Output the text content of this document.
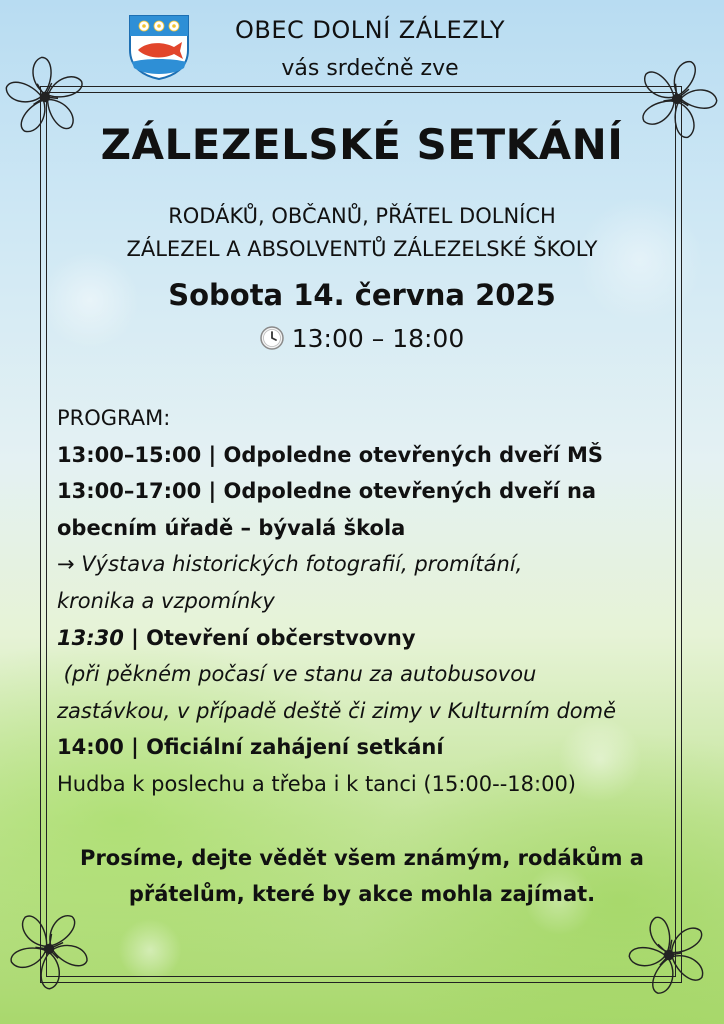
OBEC DOLNÍ ZÁLEZLY
vás srdečně zve
ZÁLEZELSKÉ SETKÁNÍ
RODÁKŮ, OBČANŮ, PŘÁTEL DOLNÍCH
ZÁLEZEL A ABSOLVENTŮ ZÁLEZELSKÉ ŠKOLY
Sobota 14. června 2025
13:00 – 18:00
PROGRAM:
13:00–15:00 | Odpoledne otevřených dveří MŠ
13:00–17:00 | Odpoledne otevřených dveří na
obecním úřadě – bývalá škola
→ Výstava historických fotografií, promítání,
kronika a vzpomínky
13:30 | Otevření občerstvovny
(při pěkném počasí ve stanu za autobusovou
zastávkou, v případě deště či zimy v Kulturním domě
14:00 | Oficiální zahájení setkání
Hudba k poslechu a třeba i k tanci (15:00--18:00)
Prosíme, dejte vědět všem známým, rodákům a
přátelům, které by akce mohla zajímat.
